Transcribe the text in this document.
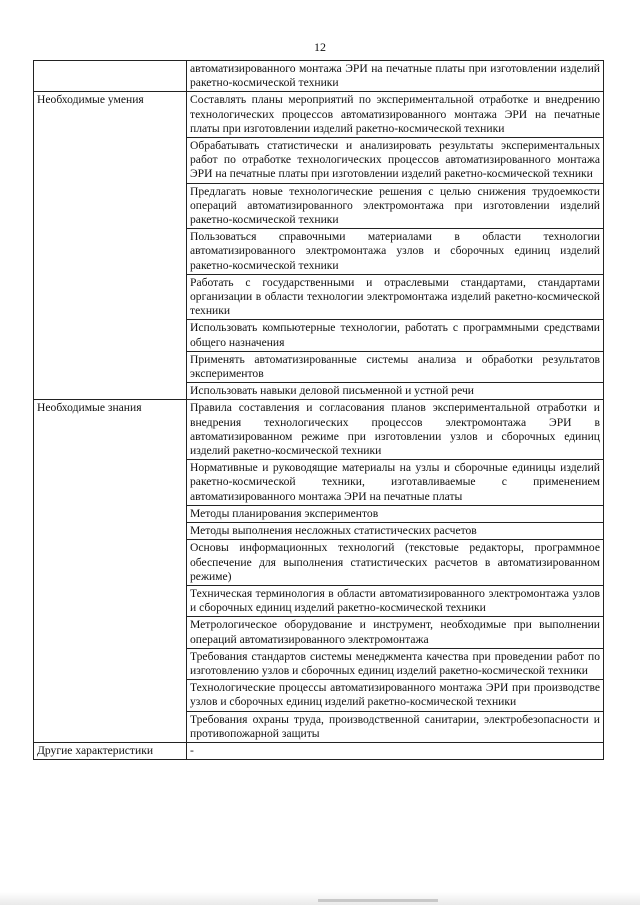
12
	автоматизированного монтажа ЭРИ на печатные платы при изготовлении изделий ракетно-космической техники
Необходимые умения	Составлять планы мероприятий по экспериментальной отработке и внедрению технологических процессов автоматизированного монтажа ЭРИ на печатные платы при изготовлении изделий ракетно-космической техники
	Обрабатывать статистически и анализировать результаты экспериментальных работ по отработке технологических процессов автоматизированного монтажа ЭРИ на печатные платы при изготовлении изделий ракетно-космической техники
	Предлагать новые технологические решения с целью снижения трудоемкости операций автоматизированного электромонтажа при изготовлении изделий ракетно-космической техники
	Пользоваться справочными материалами в области технологии автоматизированного электромонтажа узлов и сборочных единиц изделий ракетно-космической техники
	Работать с государственными и отраслевыми стандартами, стандартами организации в области технологии электромонтажа изделий ракетно-космической техники
	Использовать компьютерные технологии, работать с программными средствами общего назначения
	Применять автоматизированные системы анализа и обработки результатов экспериментов
	Использовать навыки деловой письменной и устной речи
Необходимые знания	Правила составления и согласования планов экспериментальной отработки и внедрения технологических процессов электромонтажа ЭРИ в автоматизированном режиме при изготовлении узлов и сборочных единиц изделий ракетно-космической техники
	Нормативные и руководящие материалы на узлы и сборочные единицы изделий ракетно-космической техники, изготавливаемые с применением автоматизированного монтажа ЭРИ на печатные платы
	Методы планирования экспериментов
	Методы выполнения несложных статистических расчетов
	Основы информационных технологий (текстовые редакторы, программное обеспечение для выполнения статистических расчетов в автоматизированном режиме)
	Техническая терминология в области автоматизированного электромонтажа узлов и сборочных единиц изделий ракетно-космической техники
	Метрологическое оборудование и инструмент, необходимые при выполнении операций автоматизированного электромонтажа
	Требования стандартов системы менеджмента качества при проведении работ по изготовлению узлов и сборочных единиц изделий ракетно-космической техники
	Технологические процессы автоматизированного монтажа ЭРИ при производстве узлов и сборочных единиц изделий ракетно-космической техники
	Требования охраны труда, производственной санитарии, электробезопасности и противопожарной защиты
Другие характеристики	-
